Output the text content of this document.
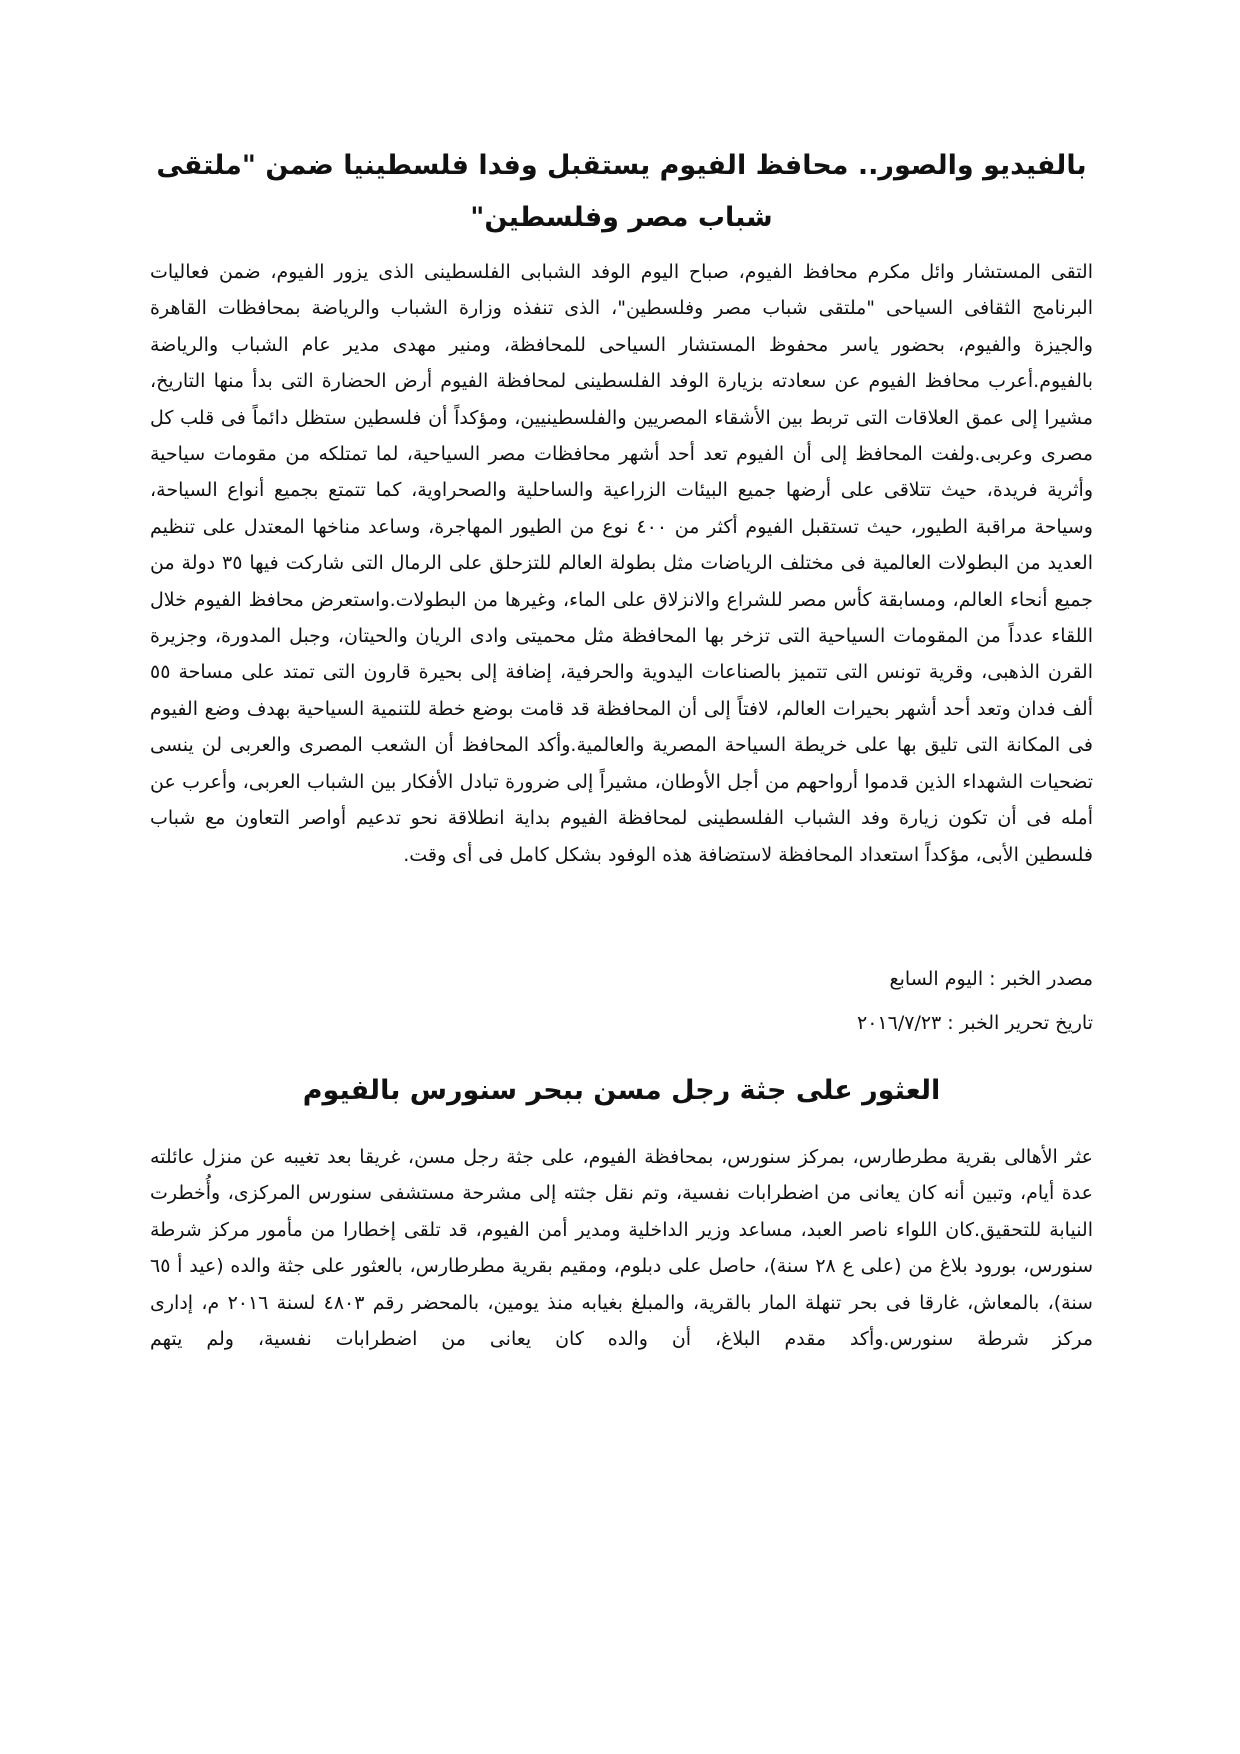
بالفيديو والصور.. محافظ الفيوم يستقبل وفدا فلسطينيا ضمن "ملتقى شباب مصر وفلسطين"

التقى المستشار وائل مكرم محافظ الفيوم، صباح اليوم الوفد الشبابى الفلسطينى الذى يزور الفيوم، ضمن فعاليات البرنامج الثقافى السياحى "ملتقى شباب مصر وفلسطين"، الذى تنفذه وزارة الشباب والرياضة بمحافظات القاهرة والجيزة والفيوم، بحضور ياسر محفوظ المستشار السياحى للمحافظة، ومنير مهدى مدير عام الشباب والرياضة بالفيوم.أعرب محافظ الفيوم عن سعادته بزيارة الوفد الفلسطينى لمحافظة الفيوم أرض الحضارة التى بدأ منها التاريخ، مشيرا إلى عمق العلاقات التى تربط بين الأشقاء المصريين والفلسطينيين، ومؤكداً أن فلسطين ستظل دائماً فى قلب كل مصرى وعربى.ولفت المحافظ إلى أن الفيوم تعد أحد أشهر محافظات مصر السياحية، لما تمتلكه من مقومات سياحية وأثرية فريدة، حيث تتلاقى على أرضها جميع البيئات الزراعية والساحلية والصحراوية، كما تتمتع بجميع أنواع السياحة، وسياحة مراقبة الطيور، حيث تستقبل الفيوم أكثر من ٤٠٠ نوع من الطيور المهاجرة، وساعد مناخها المعتدل على تنظيم العديد من البطولات العالمية فى مختلف الرياضات مثل بطولة العالم للتزحلق على الرمال التى شاركت فيها ٣٥ دولة من جميع أنحاء العالم، ومسابقة كأس مصر للشراع والانزلاق على الماء، وغيرها من البطولات.واستعرض محافظ الفيوم خلال اللقاء عدداً من المقومات السياحية التى تزخر بها المحافظة مثل محميتى وادى الريان والحيتان، وجبل المدورة، وجزيرة القرن الذهبى، وقرية تونس التى تتميز بالصناعات اليدوية والحرفية، إضافة إلى بحيرة قارون التى تمتد على مساحة ٥٥ ألف فدان وتعد أحد أشهر بحيرات العالم، لافتاً إلى أن المحافظة قد قامت بوضع خطة للتنمية السياحية بهدف وضع الفيوم فى المكانة التى تليق بها على خريطة السياحة المصرية والعالمية.وأكد المحافظ أن الشعب المصرى والعربى لن ينسى تضحيات الشهداء الذين قدموا أرواحهم من أجل الأوطان، مشيراً إلى ضرورة تبادل الأفكار بين الشباب العربى، وأعرب عن أمله فى أن تكون زيارة وفد الشباب الفلسطينى لمحافظة الفيوم بداية انطلاقة نحو تدعيم أواصر التعاون مع شباب فلسطين الأبى، مؤكداً استعداد المحافظة لاستضافة هذه الوفود بشكل كامل فى أى وقت.

مصدر الخبر : اليوم السابع

تاريخ تحرير الخبر : ٢٠١٦/٧/٢٣

العثور على جثة رجل مسن ببحر سنورس بالفيوم

عثر الأهالى بقرية مطرطارس، بمركز سنورس، بمحافظة الفيوم، على جثة رجل مسن، غريقا بعد تغيبه عن منزل عائلته عدة أيام، وتبين أنه كان يعانى من اضطرابات نفسية، وتم نقل جثته إلى مشرحة مستشفى سنورس المركزى، وأُخطرت النيابة للتحقيق.كان اللواء ناصر العبد، مساعد وزير الداخلية ومدير أمن الفيوم، قد تلقى إخطارا من مأمور مركز شرطة سنورس، بورود بلاغ من (على ع ٢٨ سنة)، حاصل على دبلوم، ومقيم بقرية مطرطارس، بالعثور على جثة والده (عيد أ ٦٥ سنة)، بالمعاش، غارقا فى بحر تنهلة المار بالقرية، والمبلغ بغيابه منذ يومين، بالمحضر رقم ٤٨٠٣ لسنة ٢٠١٦ م، إدارى مركز شرطة سنورس.وأكد مقدم البلاغ، أن والده كان يعانى من اضطرابات نفسية، ولم يتهم
